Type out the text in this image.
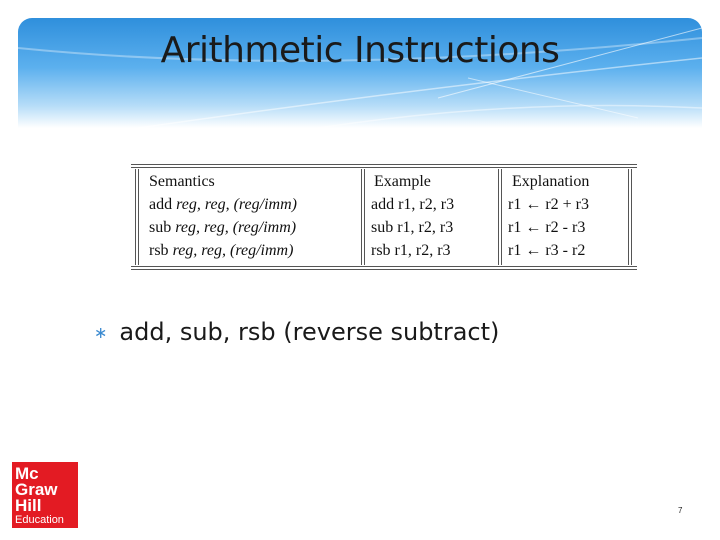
Arithmetic Instructions
Semantics
add reg, reg, (reg/imm)
sub reg, reg, (reg/imm)
rsb reg, reg, (reg/imm)
Example
add r1, r2, r3
sub r1, r2, r3
rsb r1, r2, r3
Explanation
r1 ← r2 + r3
r1 ← r2 - r3
r1 ← r3 - r2
∗ add, sub, rsb (reverse subtract)
Mc
Graw
Hill
Education
7
